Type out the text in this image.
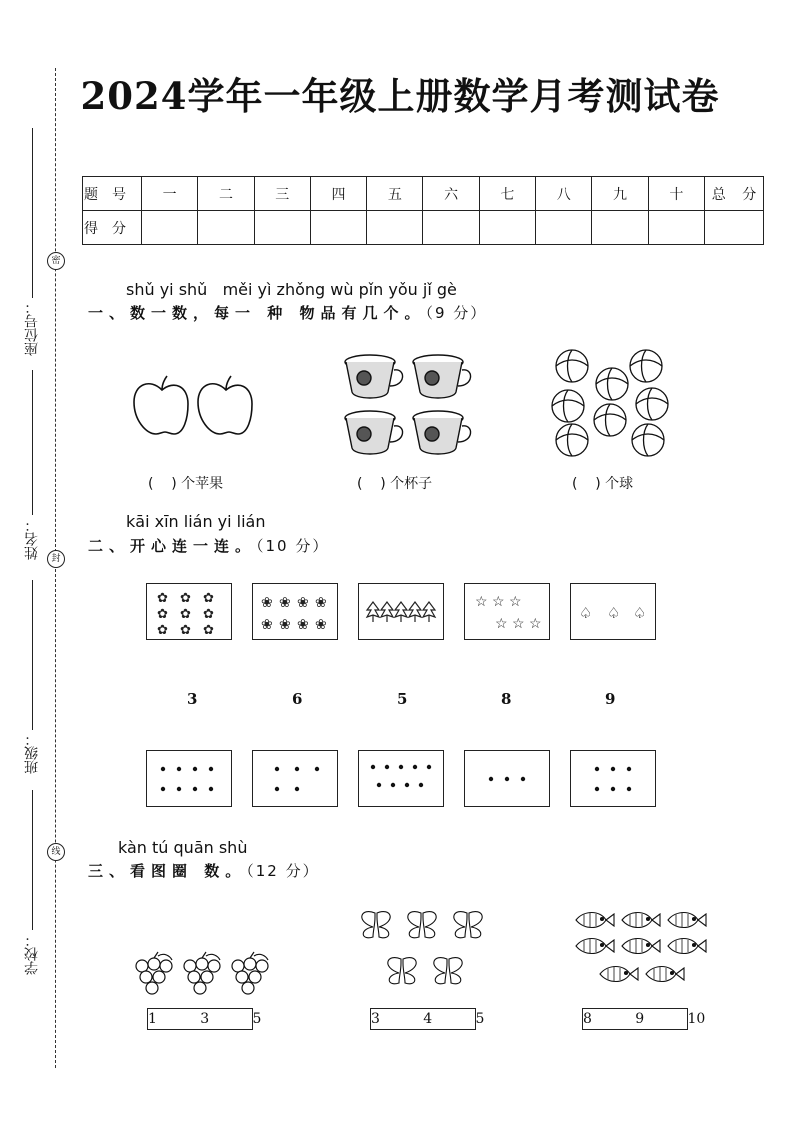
2024学年一年级上册数学月考测试卷
座位号：
姓名：
班级：
学校：
密
封
线
题号	一	二	三	四	五	六	七	八	九	十	总 分
得分											
shǔ yi shǔ   měi yì zhǒng wù pǐn yǒu jǐ gè
一、数一数，每一 种 物品有几个。（9 分）
(    ) 个苹果	(    ) 个杯子	(    ) 个球
kāi xīn lián yi lián
二、开心连一连。（10 分）
✿ ✿ ✿
✿ ✿ ✿
✿ ✿ ✿
❀ ❀ ❀ ❀
❀ ❀ ❀ ❀
☆ ☆ ☆
☆ ☆ ☆
♤ ♤ ♤
3	6	5	8	9
kàn tú quān shù
三、看图圈 数。（12 分）
1   3   5	3   4   5	8   9   10
